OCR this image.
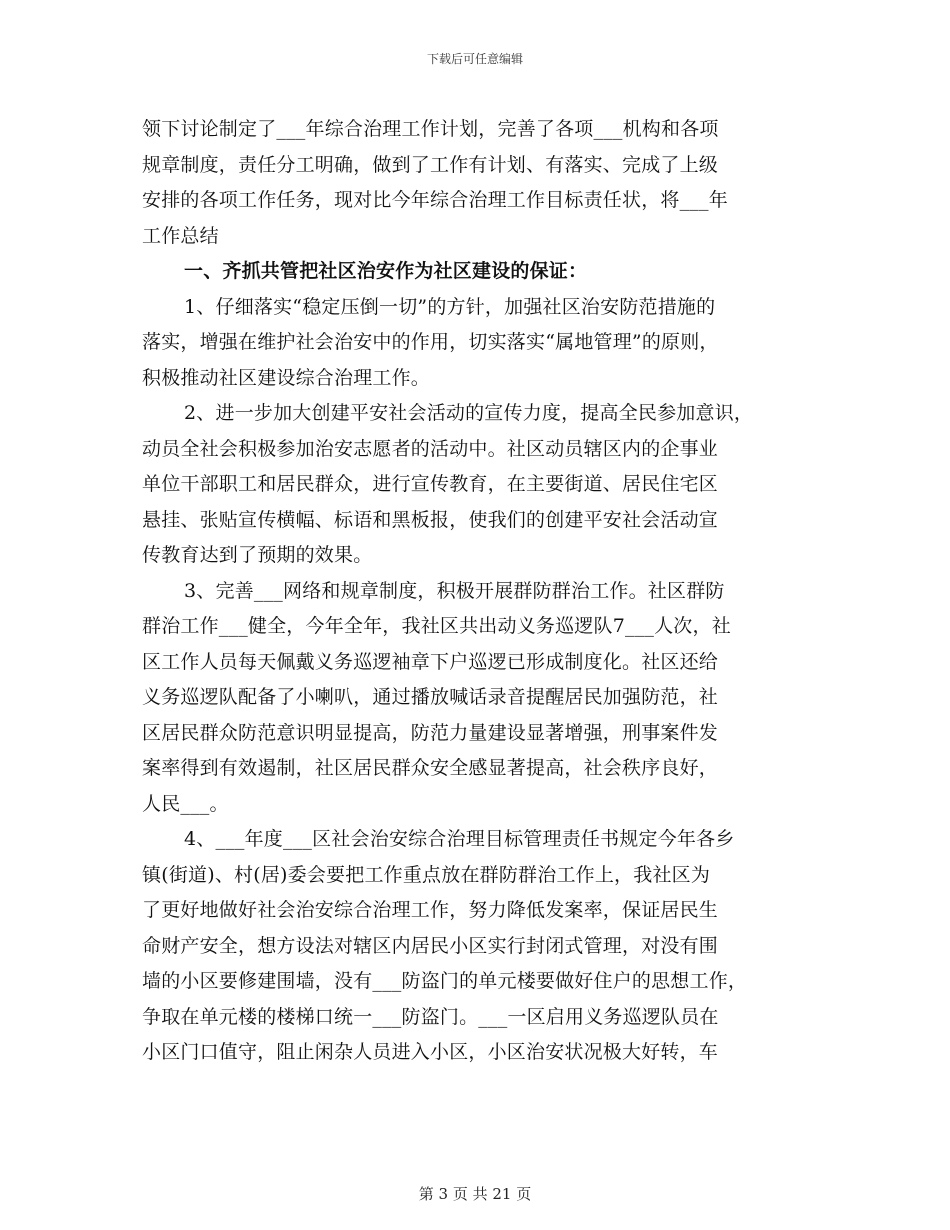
下载后可任意编辑
领下讨论制定了___年综合治理工作计划，完善了各项___机构和各项
规章制度，责任分工明确，做到了工作有计划、有落实、完成了上级
安排的各项工作任务，现对比今年综合治理工作目标责任状，将___年
工作总结
一、齐抓共管把社区治安作为社区建设的保证：
1、仔细落实“稳定压倒一切”的方针，加强社区治安防范措施的
落实，增强在维护社会治安中的作用，切实落实“属地管理”的原则，
积极推动社区建设综合治理工作。
2、进一步加大创建平安社会活动的宣传力度，提高全民参加意识，
动员全社会积极参加治安志愿者的活动中。社区动员辖区内的企事业
单位干部职工和居民群众，进行宣传教育，在主要街道、居民住宅区
悬挂、张贴宣传横幅、标语和黑板报，使我们的创建平安社会活动宣
传教育达到了预期的效果。
3、完善___网络和规章制度，积极开展群防群治工作。社区群防
群治工作___健全，今年全年，我社区共出动义务巡逻队7___人次，社
区工作人员每天佩戴义务巡逻袖章下户巡逻已形成制度化。社区还给
义务巡逻队配备了小喇叭，通过播放喊话录音提醒居民加强防范，社
区居民群众防范意识明显提高，防范力量建设显著增强，刑事案件发
案率得到有效遏制，社区居民群众安全感显著提高，社会秩序良好，
人民___。
4、___年度___区社会治安综合治理目标管理责任书规定今年各乡
镇(街道)、村(居)委会要把工作重点放在群防群治工作上，我社区为
了更好地做好社会治安综合治理工作，努力降低发案率，保证居民生
命财产安全，想方设法对辖区内居民小区实行封闭式管理，对没有围
墙的小区要修建围墙，没有___防盗门的单元楼要做好住户的思想工作，
争取在单元楼的楼梯口统一___防盗门。___一区启用义务巡逻队员在
小区门口值守，阻止闲杂人员进入小区，小区治安状况极大好转，车
第 3 页 共 21 页
